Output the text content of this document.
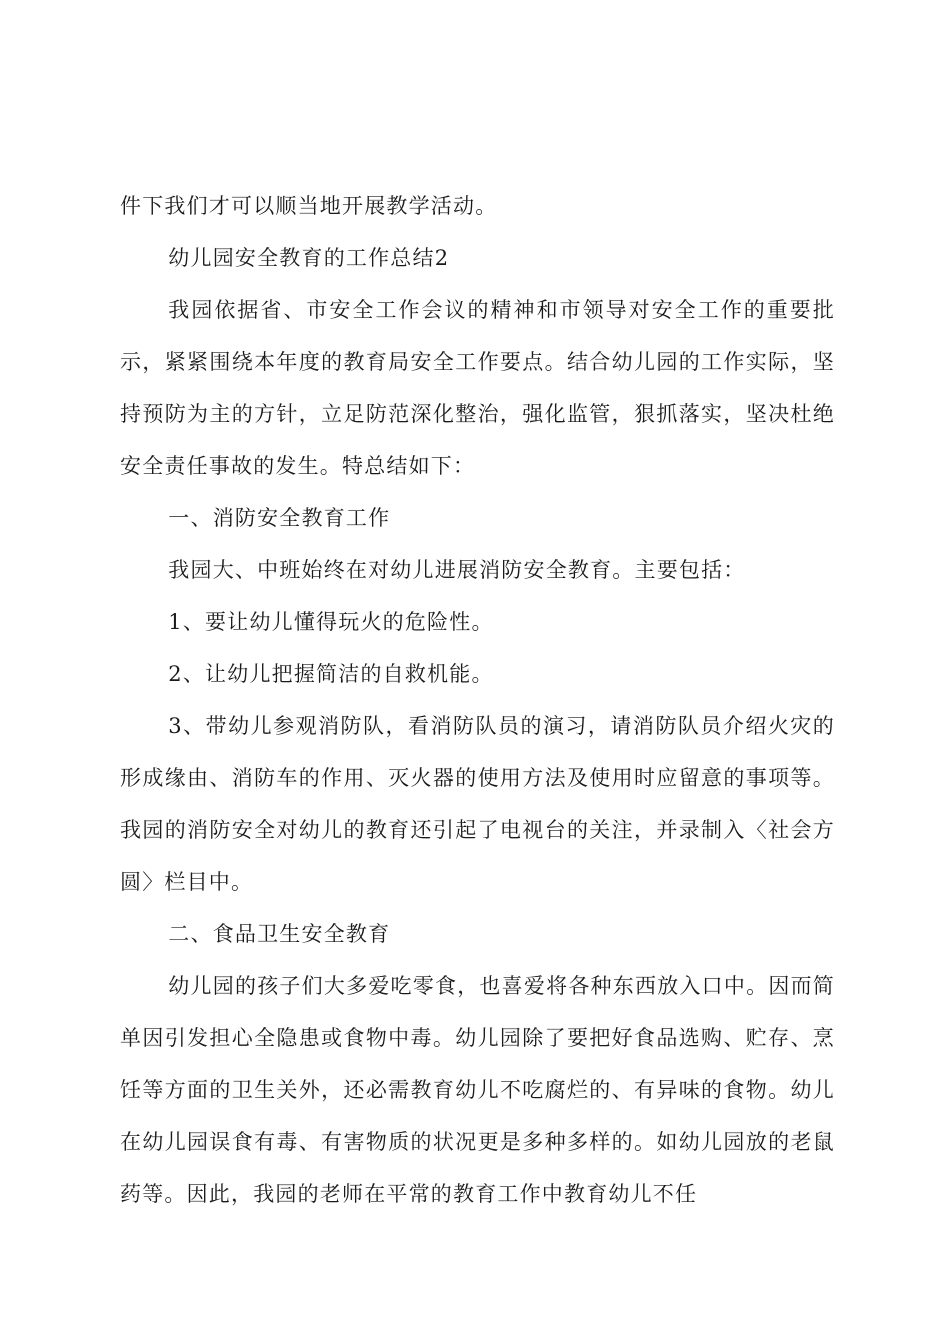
件下我们才可以顺当地开展教学活动。

幼儿园安全教育的工作总结2

我园依据省、市安全工作会议的精神和市领导对安全工作的重要批示，紧紧围绕本年度的教育局安全工作要点。结合幼儿园的工作实际，坚持预防为主的方针，立足防范深化整治，强化监管，狠抓落实，坚决杜绝安全责任事故的发生。特总结如下：

一、消防安全教育工作

我园大、中班始终在对幼儿进展消防安全教育。主要包括：

1、要让幼儿懂得玩火的危险性。

2、让幼儿把握简洁的自救机能。

3、带幼儿参观消防队，看消防队员的演习，请消防队员介绍火灾的形成缘由、消防车的作用、灭火器的使用方法及使用时应留意的事项等。我园的消防安全对幼儿的教育还引起了电视台的关注，并录制入〈社会方圆〉栏目中。

二、食品卫生安全教育

幼儿园的孩子们大多爱吃零食，也喜爱将各种东西放入口中。因而简单因引发担心全隐患或食物中毒。幼儿园除了要把好食品选购、贮存、烹饪等方面的卫生关外，还必需教育幼儿不吃腐烂的、有异味的食物。幼儿在幼儿园误食有毒、有害物质的状况更是多种多样的。如幼儿园放的老鼠药等。因此，我园的老师在平常的教育工作中教育幼儿不任
